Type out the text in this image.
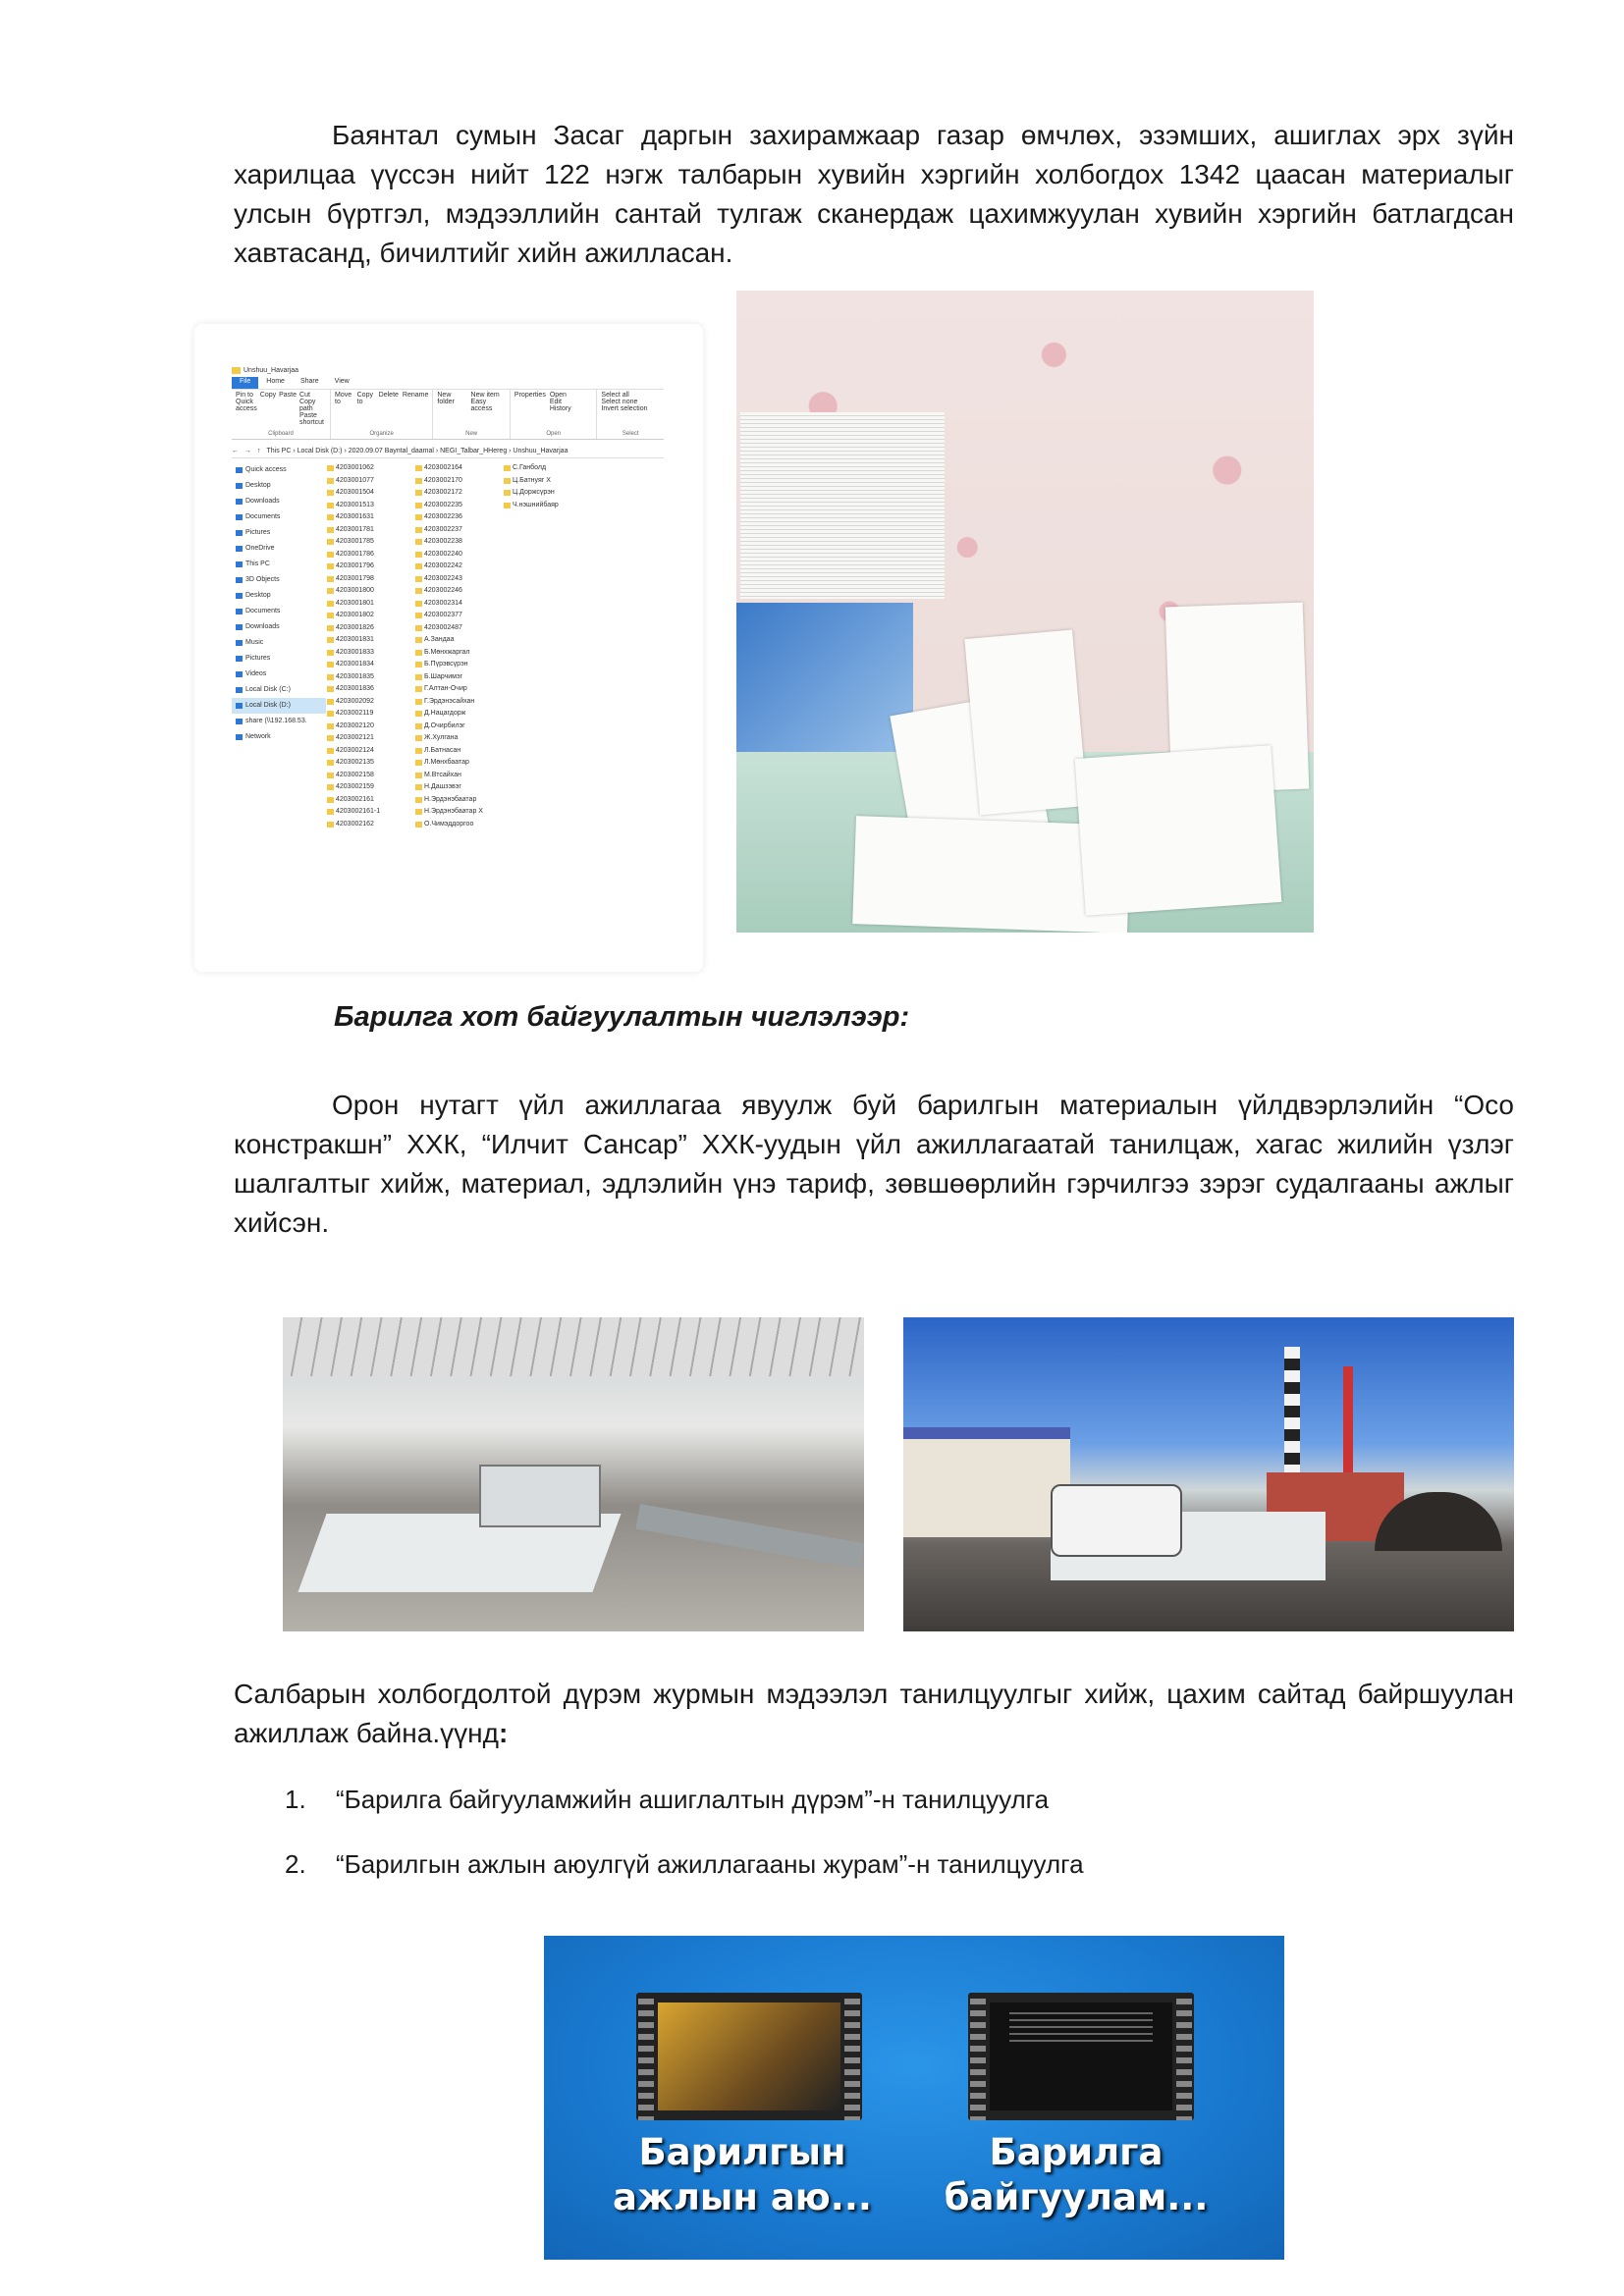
Баянтал сумын Засаг даргын захирамжаар газар өмчлөх, эзэмших, ашиглах эрх зүйн харилцаа үүссэн нийт 122 нэгж талбарын хувийн хэргийн холбогдох 1342 цаасан материалыг улсын бүртгэл, мэдээллийн сантай тулгаж сканердаж цахимжуулан хувийн хэргийн батлагдсан хавтасанд, бичилтийг хийн ажилласан.
Unshuu_Havarjaa
File	Home	Share	View
Pin to Quick access
Copy Paste Cut
Copy path
Paste shortcut
Clipboard
Move to
Copy to
Delete Rename
Organize
New folder
New item
Easy access
New
Properties Open
Edit
History
Open
Select all
Select none
Invert selection
Select
← → ↑ This PC › Local Disk (D:) › 2020.09.07 Bayntal_daamal › NEGI_Talbar_HHereg › Unshuu_Havarjaa
Quick access
Desktop
Downloads
Documents
Pictures
OneDrive
This PC
3D Objects
Desktop
Documents
Downloads
Music
Pictures
Videos
Local Disk (C:)
Local Disk (D:)
share (\\192.168.53.
Network
4203001062
4203001077
4203001504
4203001513
4203001631
4203001781
4203001785
4203001786
4203001796
4203001798
4203001800
4203001801
4203001802
4203001826
4203001831
4203001833
4203001834
4203001835
4203001836
4203002092
4203002119
4203002120
4203002121
4203002124
4203002135
4203002158
4203002159
4203002161
4203002161-1
4203002162
4203002164
4203002170
4203002172
4203002235
4203002236
4203002237
4203002238
4203002240
4203002242
4203002243
4203002246
4203002314
4203002377
4203002487
А.Зандаа
Б.Мөнхжаргал
Б.Пүрэвсүрэн
Б.Шарчимэг
Г.Алтан-Очир
Г.Эрдэнэсайхан
Д.Нацагдорж
Д.Очирбилэг
Ж.Хулгана
Л.Батнасан
Л.Мөнхбаатар
М.Втсайхан
Н.Дашзэвэг
Н.Эрдэнэбаатар
Н.Эрдэнэбаатар Х
О.Чимэддоргоо
С.Ганболд
Ц.Батнуяг Х
Ц.Доржсүрэн
Ч.нэшнийбаяр
Барилга хот байгуулалтын чиглэлээр:
Орон нутагт үйл ажиллагаа явуулж буй барилгын материалын үйлдвэрлэлийн “Осо констракшн” ХХК, “Илчит Сансар” ХХК-уудын үйл ажиллагаатай танилцаж, хагас жилийн үзлэг шалгалтыг хийж, материал, эдлэлийн үнэ тариф, зөвшөөрлийн гэрчилгээ зэрэг судалгааны ажлыг хийсэн.
Салбарын холбогдолтой дүрэм журмын мэдээлэл танилцуулгыг хийж, цахим сайтад байршуулан ажиллаж байна.үүнд:
1. “Барилга байгууламжийн ашиглалтын дүрэм”-н танилцуулга
2. “Барилгын ажлын аюулгүй ажиллагааны журам”-н танилцуулга
Барилгын
ажлын аю...
Барилга
байгуулам...
